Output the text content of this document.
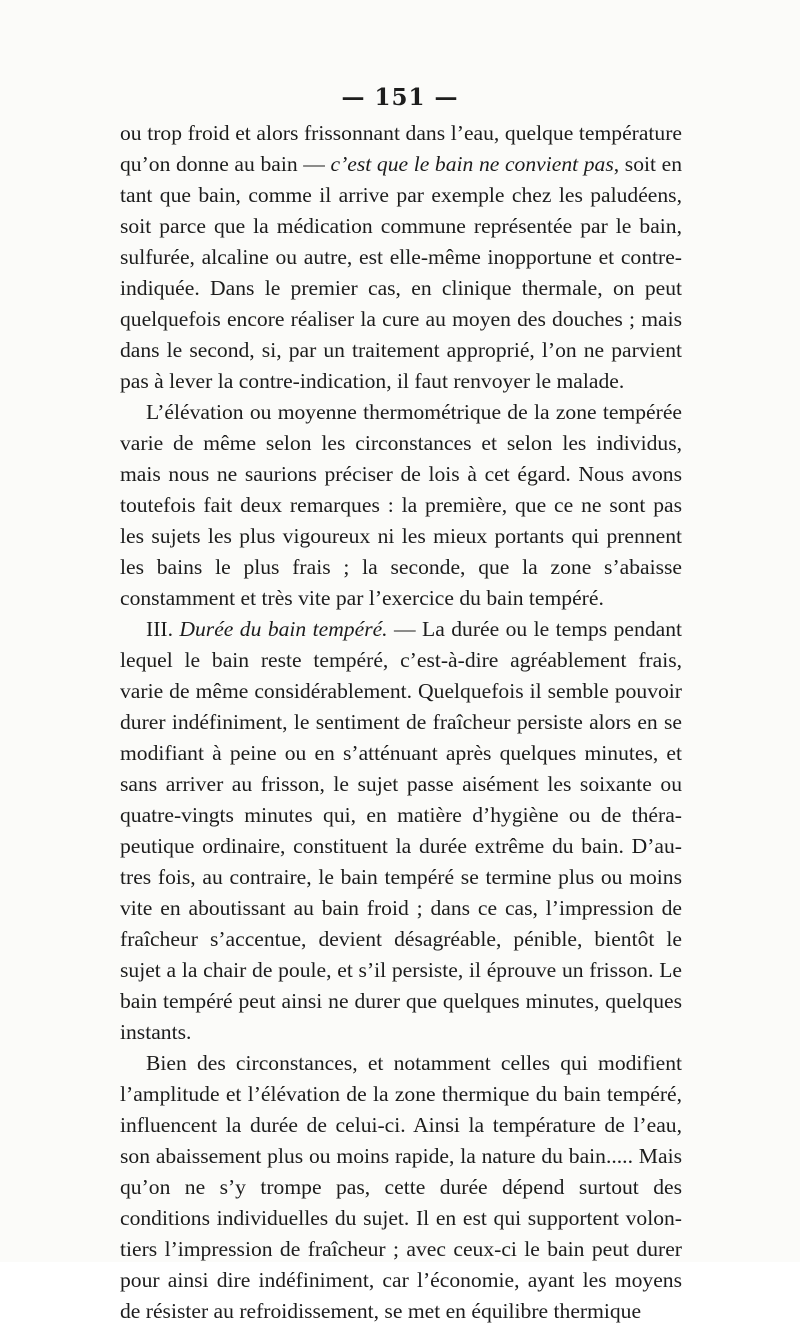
— 151 —

ou trop froid et alors frissonnant dans l’eau, quelque température qu’on donne au bain — c’est que le bain ne convient pas, soit en tant que bain, comme il arrive par exemple chez les paludéens, soit parce que la médication commune représentée par le bain, sulfurée, alcaline ou autre, est elle-même inopportune et contre-indiquée. Dans le premier cas, en clinique thermale, on peut quelquefois encore réaliser la cure au moyen des douches ; mais dans le second, si, par un traitement approprié, l’on ne parvient pas à lever la contre-indication, il faut renvoyer le malade.

L’élévation ou moyenne thermométrique de la zone tempérée varie de même selon les circonstances et selon les individus, mais nous ne saurions préciser de lois à cet égard. Nous avons toutefois fait deux remarques : la première, que ce ne sont pas les sujets les plus vigoureux ni les mieux portants qui prennent les bains le plus frais ; la seconde, que la zone s’abaisse constamment et très vite par l’exercice du bain tempéré.

III. Durée du bain tempéré. — La durée ou le temps pendant lequel le bain reste tempéré, c’est-à-dire agréablement frais, varie de même considérablement. Quelquefois il semble pouvoir durer indéfiniment, le sentiment de fraîcheur persiste alors en se modifiant à peine ou en s’atténuant après quelques minutes, et sans arriver au frisson, le sujet passe aisément les soixante ou quatre-vingts minutes qui, en matière d’hygiène ou de thérapeutique ordinaire, constituent la durée extrême du bain. D’autres fois, au contraire, le bain tempéré se termine plus ou moins vite en aboutissant au bain froid ; dans ce cas, l’impression de fraîcheur s’accentue, devient désagréable, pénible, bientôt le sujet a la chair de poule, et s’il persiste, il éprouve un frisson. Le bain tempéré peut ainsi ne durer que quelques minutes, quelques instants.

Bien des circonstances, et notamment celles qui modifient l’amplitude et l’élévation de la zone thermique du bain tempéré, influencent la durée de celui-ci. Ainsi la température de l’eau, son abaissement plus ou moins rapide, la nature du bain..... Mais qu’on ne s’y trompe pas, cette durée dépend surtout des conditions individuelles du sujet. Il en est qui supportent volontiers l’impression de fraîcheur ; avec ceux-ci le bain peut durer pour ainsi dire indéfiniment, car l’économie, ayant les moyens de résister au refroidissement, se met en équilibre thermique
